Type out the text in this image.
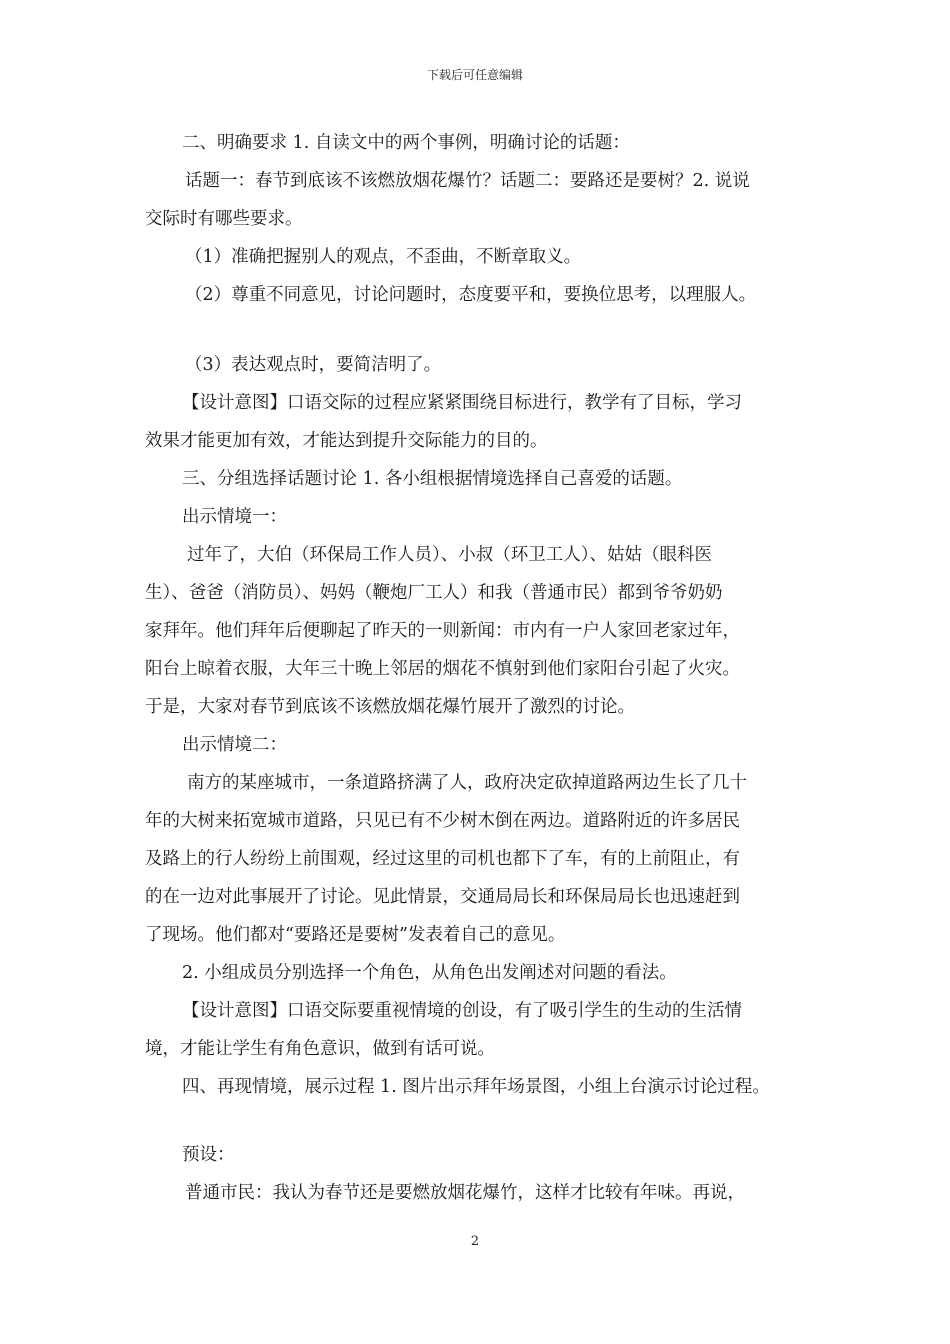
下载后可任意编辑
二、明确要求 1. 自读文中的两个事例，明确讨论的话题：
话题一：春节到底该不该燃放烟花爆竹？话题二：要路还是要树？2. 说说
交际时有哪些要求。
（1）准确把握别人的观点，不歪曲，不断章取义。
（2）尊重不同意见，讨论问题时，态度要平和，要换位思考，以理服人。
（3）表达观点时，要简洁明了。
【设计意图】口语交际的过程应紧紧围绕目标进行，教学有了目标，学习
效果才能更加有效，才能达到提升交际能力的目的。
三、分组选择话题讨论 1. 各小组根据情境选择自己喜爱的话题。
出示情境一：
过年了，大伯（环保局工作人员）、小叔（环卫工人）、姑姑（眼科医
生）、爸爸（消防员）、妈妈（鞭炮厂工人）和我（普通市民）都到爷爷奶奶
家拜年。他们拜年后便聊起了昨天的一则新闻：市内有一户人家回老家过年，
阳台上晾着衣服，大年三十晚上邻居的烟花不慎射到他们家阳台引起了火灾。
于是，大家对春节到底该不该燃放烟花爆竹展开了激烈的讨论。
出示情境二：
南方的某座城市，一条道路挤满了人，政府决定砍掉道路两边生长了几十
年的大树来拓宽城市道路，只见已有不少树木倒在两边。道路附近的许多居民
及路上的行人纷纷上前围观，经过这里的司机也都下了车，有的上前阻止，有
的在一边对此事展开了讨论。见此情景，交通局局长和环保局局长也迅速赶到
了现场。他们都对“要路还是要树”发表着自己的意见。
2. 小组成员分别选择一个角色，从角色出发阐述对问题的看法。
【设计意图】口语交际要重视情境的创设，有了吸引学生的生动的生活情
境，才能让学生有角色意识，做到有话可说。
四、再现情境，展示过程 1. 图片出示拜年场景图，小组上台演示讨论过程。
预设：
普通市民：我认为春节还是要燃放烟花爆竹，这样才比较有年味。再说，
2
